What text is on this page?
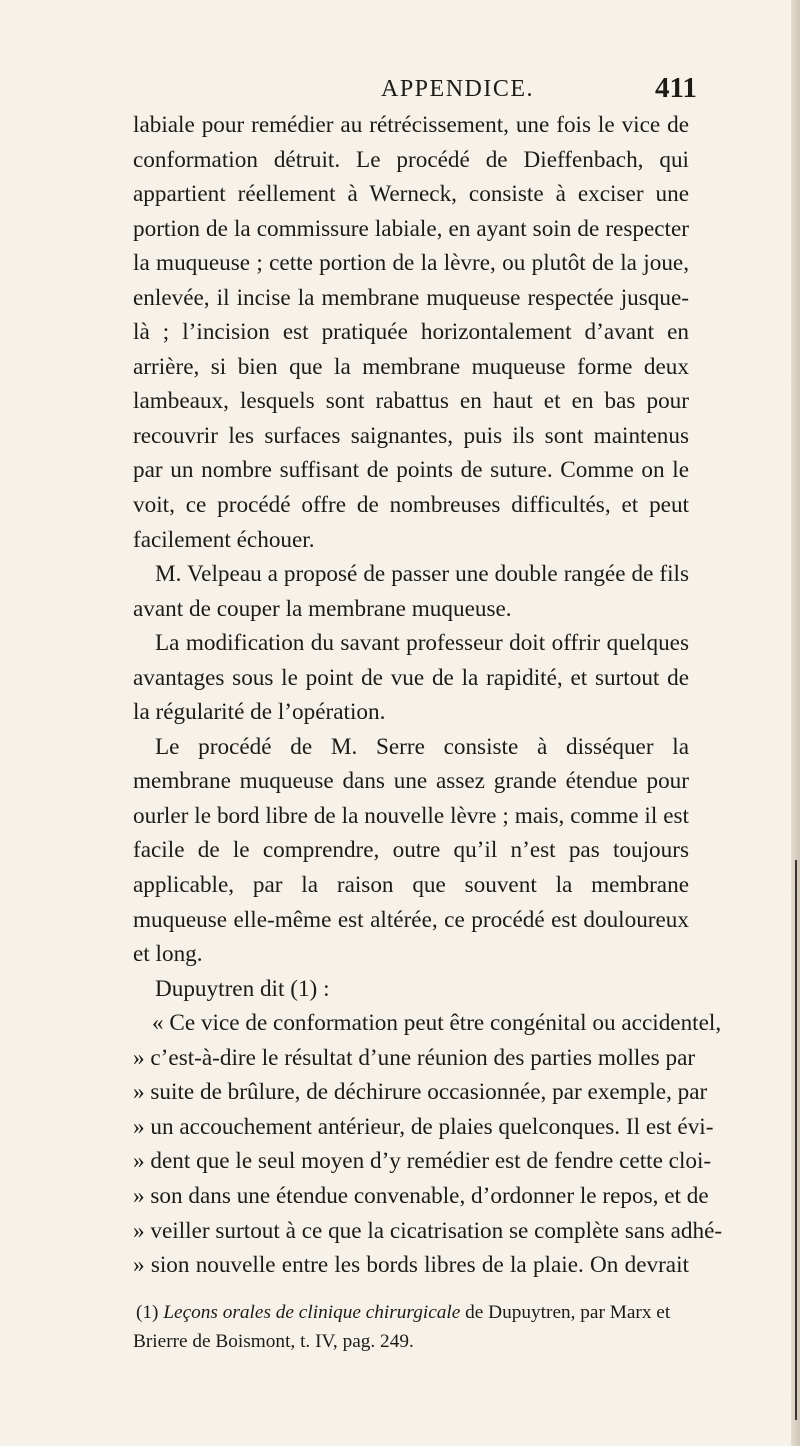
APPENDICE.	411

labiale pour remédier au rétrécissement, une fois le vice de conformation détruit. Le procédé de Dieffenbach, qui appartient réellement à Werneck, consiste à exciser une portion de la commissure labiale, en ayant soin de respecter la muqueuse ; cette portion de la lèvre, ou plutôt de la joue, enlevée, il incise la membrane muqueuse respectée jusque-là ; l’incision est pratiquée horizontalement d’avant en arrière, si bien que la membrane muqueuse forme deux lambeaux, lesquels sont rabattus en haut et en bas pour recouvrir les surfaces saignantes, puis ils sont maintenus par un nombre suffisant de points de suture. Comme on le voit, ce procédé offre de nombreuses difficultés, et peut facilement échouer.

M. Velpeau a proposé de passer une double rangée de fils avant de couper la membrane muqueuse.

La modification du savant professeur doit offrir quelques avantages sous le point de vue de la rapidité, et surtout de la régularité de l’opération.

Le procédé de M. Serre consiste à disséquer la membrane muqueuse dans une assez grande étendue pour ourler le bord libre de la nouvelle lèvre ; mais, comme il est facile de le comprendre, outre qu’il n’est pas toujours applicable, par la raison que souvent la membrane muqueuse elle-même est altérée, ce procédé est douloureux et long.

Dupuytren dit (1) :

« Ce vice de conformation peut être congénital ou accidentel,
» c’est-à-dire le résultat d’une réunion des parties molles par
» suite de brûlure, de déchirure occasionnée, par exemple, par
» un accouchement antérieur, de plaies quelconques. Il est évi-
» dent que le seul moyen d’y remédier est de fendre cette cloi-
» son dans une étendue convenable, d’ordonner le repos, et de
» veiller surtout à ce que la cicatrisation se complète sans adhé-
» sion nouvelle entre les bords libres de la plaie. On devrait

(1) Leçons orales de clinique chirurgicale de Dupuytren, par Marx et Brierre de Boismont, t. IV, pag. 249.
